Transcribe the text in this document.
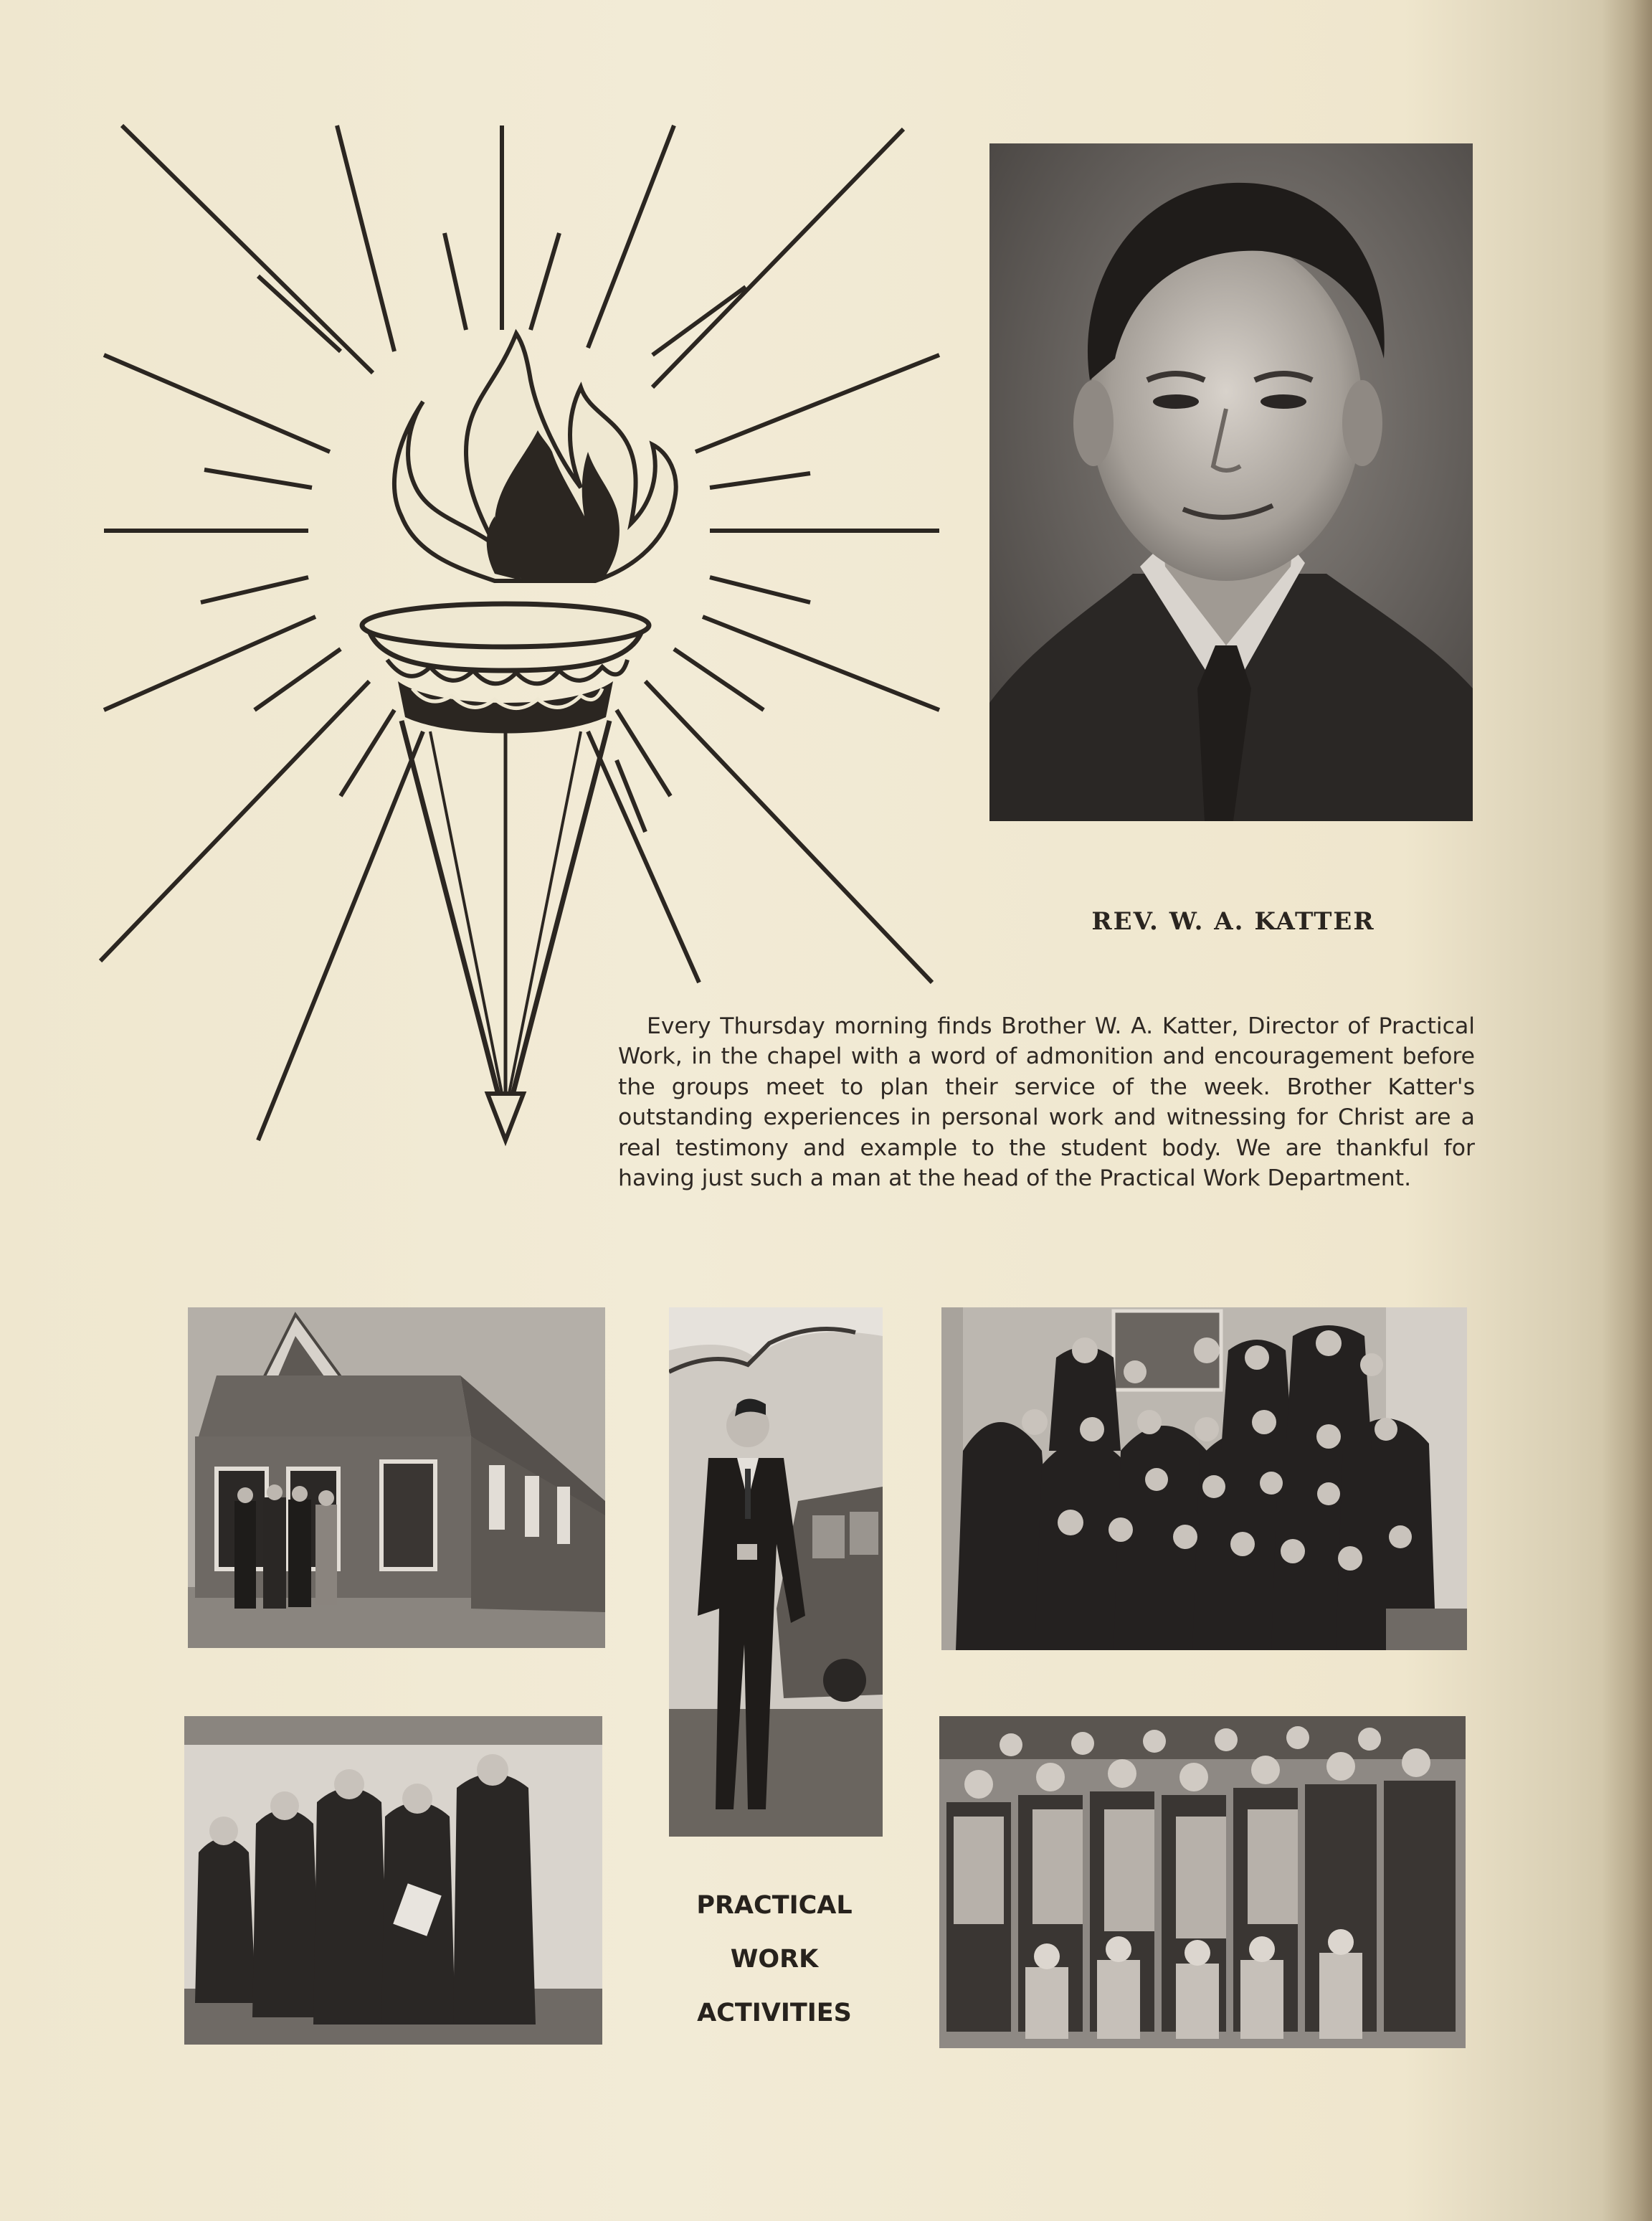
REV. W. A. KATTER

Every Thursday morning finds Brother W. A. Katter, Director of Practical Work, in the chapel with a word of admonition and encouragement before the groups meet to plan their service of the week. Brother Katter's outstanding experiences in personal work and witnessing for Christ are a real testimony and example to the student body. We are thankful for having just such a man at the head of the Practical Work Department.

PRACTICAL
WORK
ACTIVITIES
